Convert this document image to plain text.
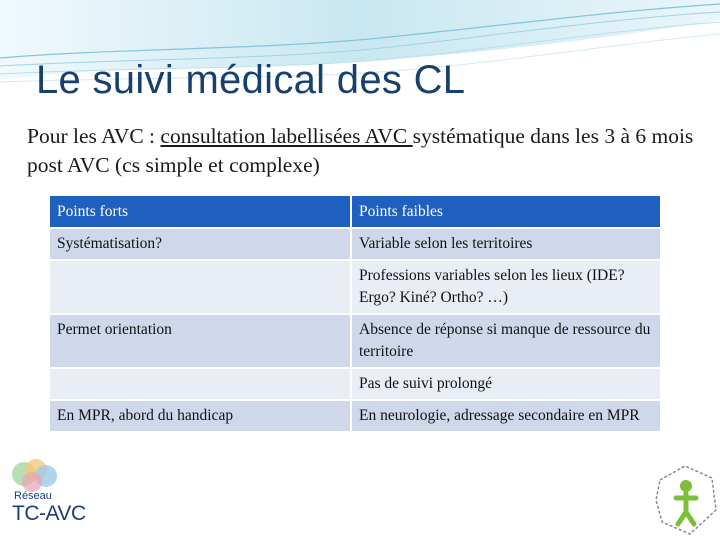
Le suivi médical des CL
Pour les AVC : consultation labellisées AVC systématique dans les 3 à 6 mois post AVC (cs simple et complexe)
Points forts	Points faibles
Systématisation?	Variable selon les territoires
	Professions variables selon les lieux (IDE? Ergo? Kiné? Ortho? …)
Permet orientation	Absence de réponse si manque de ressource du territoire
	Pas de suivi prolongé
En MPR, abord du handicap	En neurologie, adressage secondaire en MPR
Réseau
TC-AVC
